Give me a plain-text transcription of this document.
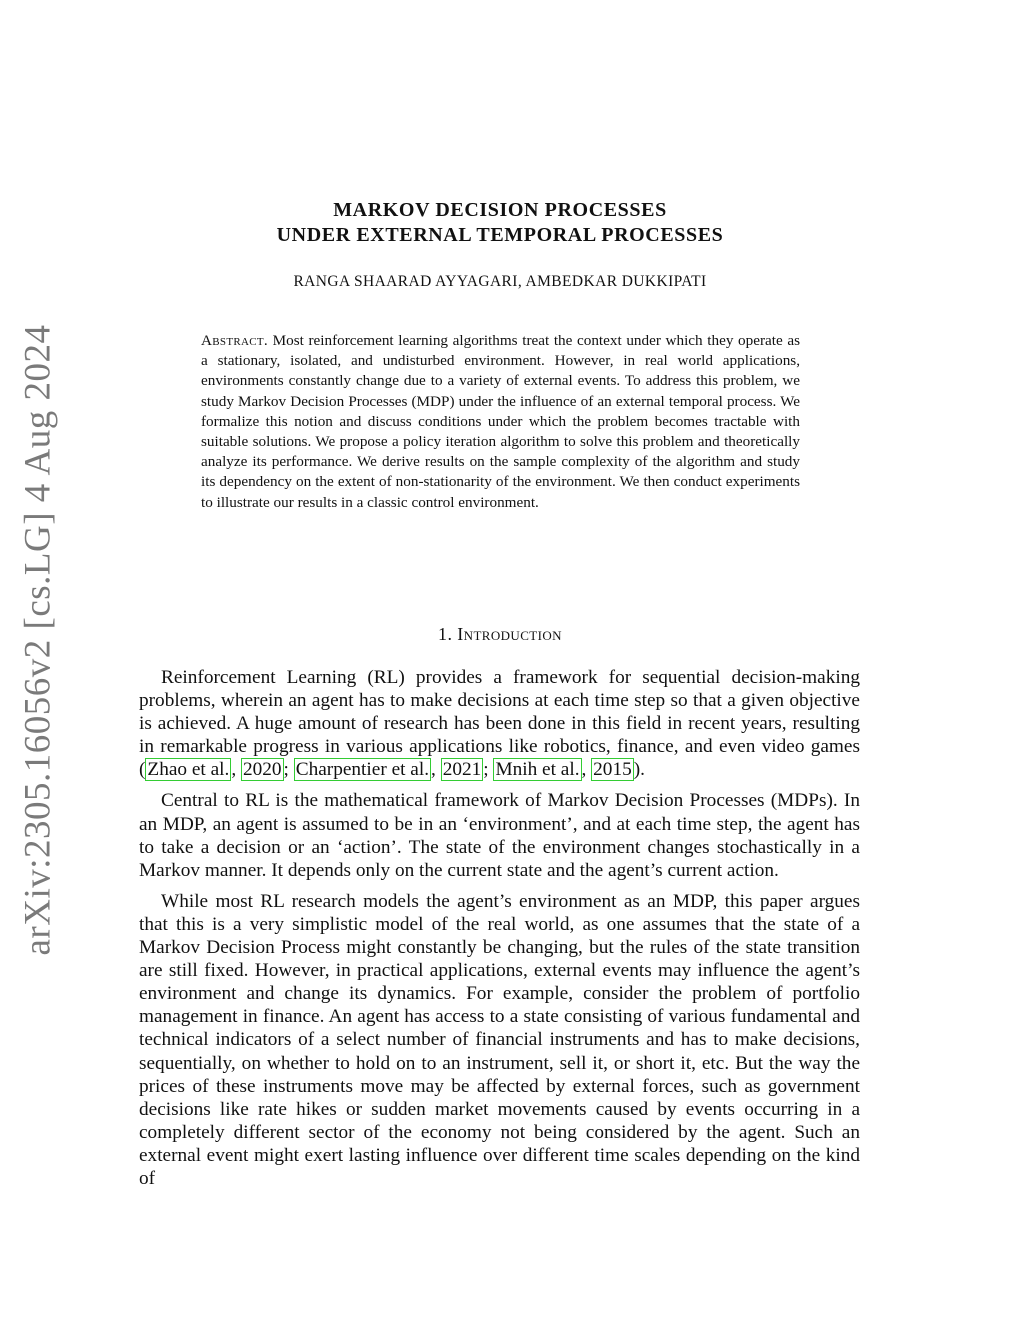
arXiv:2305.16056v2 [cs.LG] 4 Aug 2024
MARKOV DECISION PROCESSES
UNDER EXTERNAL TEMPORAL PROCESSES
RANGA SHAARAD AYYAGARI, AMBEDKAR DUKKIPATI
Abstract. Most reinforcement learning algorithms treat the context under which they operate as a stationary, isolated, and undisturbed environment. However, in real world applications, environments constantly change due to a variety of external events. To address this problem, we study Markov Decision Processes (MDP) under the influence of an external temporal process. We formalize this notion and discuss conditions under which the problem becomes tractable with suitable solutions. We propose a policy iteration algorithm to solve this problem and theoretically analyze its performance. We derive results on the sample complexity of the algorithm and study its dependency on the extent of non-stationarity of the environment. We then conduct experiments to illustrate our results in a classic control environment.
1. Introduction

Reinforcement Learning (RL) provides a framework for sequential decision-making problems, wherein an agent has to make decisions at each time step so that a given objective is achieved. A huge amount of research has been done in this field in recent years, resulting in remarkable progress in various applications like robotics, finance, and even video games ( Zhao et al. , 2020 ; Charpentier et al. , 2021 ; Mnih et al. , 2015 ).

Central to RL is the mathematical framework of Markov Decision Processes (MDPs). In an MDP, an agent is assumed to be in an ‘environment’, and at each time step, the agent has to take a decision or an ‘action’. The state of the environment changes stochastically in a Markov manner. It depends only on the current state and the agent’s current action.

While most RL research models the agent’s environment as an MDP, this paper argues that this is a very simplistic model of the real world, as one assumes that the state of a Markov Decision Process might constantly be changing, but the rules of the state transition are still fixed. However, in practical applications, external events may influence the agent’s environment and change its dynamics. For example, consider the problem of portfolio management in finance. An agent has access to a state consisting of various fundamental and technical indicators of a select number of financial instruments and has to make decisions, sequentially, on whether to hold on to an instrument, sell it, or short it, etc. But the way the prices of these instruments move may be affected by external forces, such as government decisions like rate hikes or sudden market movements caused by events occurring in a completely different sector of the economy not being considered by the agent. Such an external event might exert lasting influence over different time scales depending on the kind of
